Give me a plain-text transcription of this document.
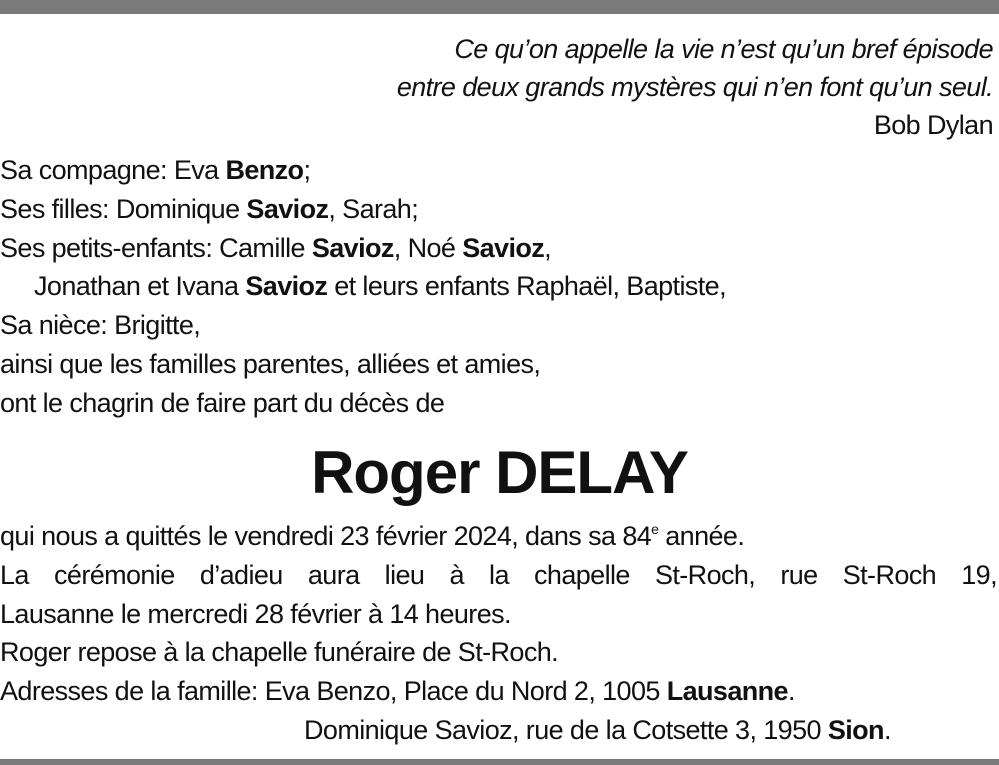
Ce qu’on appelle la vie n’est qu’un bref épisode
entre deux grands mystères qui n’en font qu’un seul.
Bob Dylan
Sa compagne: Eva Benzo;
Ses filles: Dominique Savioz, Sarah;
Ses petits-enfants: Camille Savioz, Noé Savioz,
Jonathan et Ivana Savioz et leurs enfants Raphaël, Baptiste,
Sa nièce: Brigitte,
ainsi que les familles parentes, alliées et amies,
ont le chagrin de faire part du décès de
Roger DELAY
qui nous a quittés le vendredi 23 février 2024, dans sa 84e année.
La cérémonie d’adieu aura lieu à la chapelle St-Roch, rue St-Roch 19,
Lausanne le mercredi 28 février à 14 heures.
Roger repose à la chapelle funéraire de St-Roch.
Adresses de la famille: Eva Benzo, Place du Nord 2, 1005 Lausanne.
Dominique Savioz, rue de la Cotsette 3, 1950 Sion.
